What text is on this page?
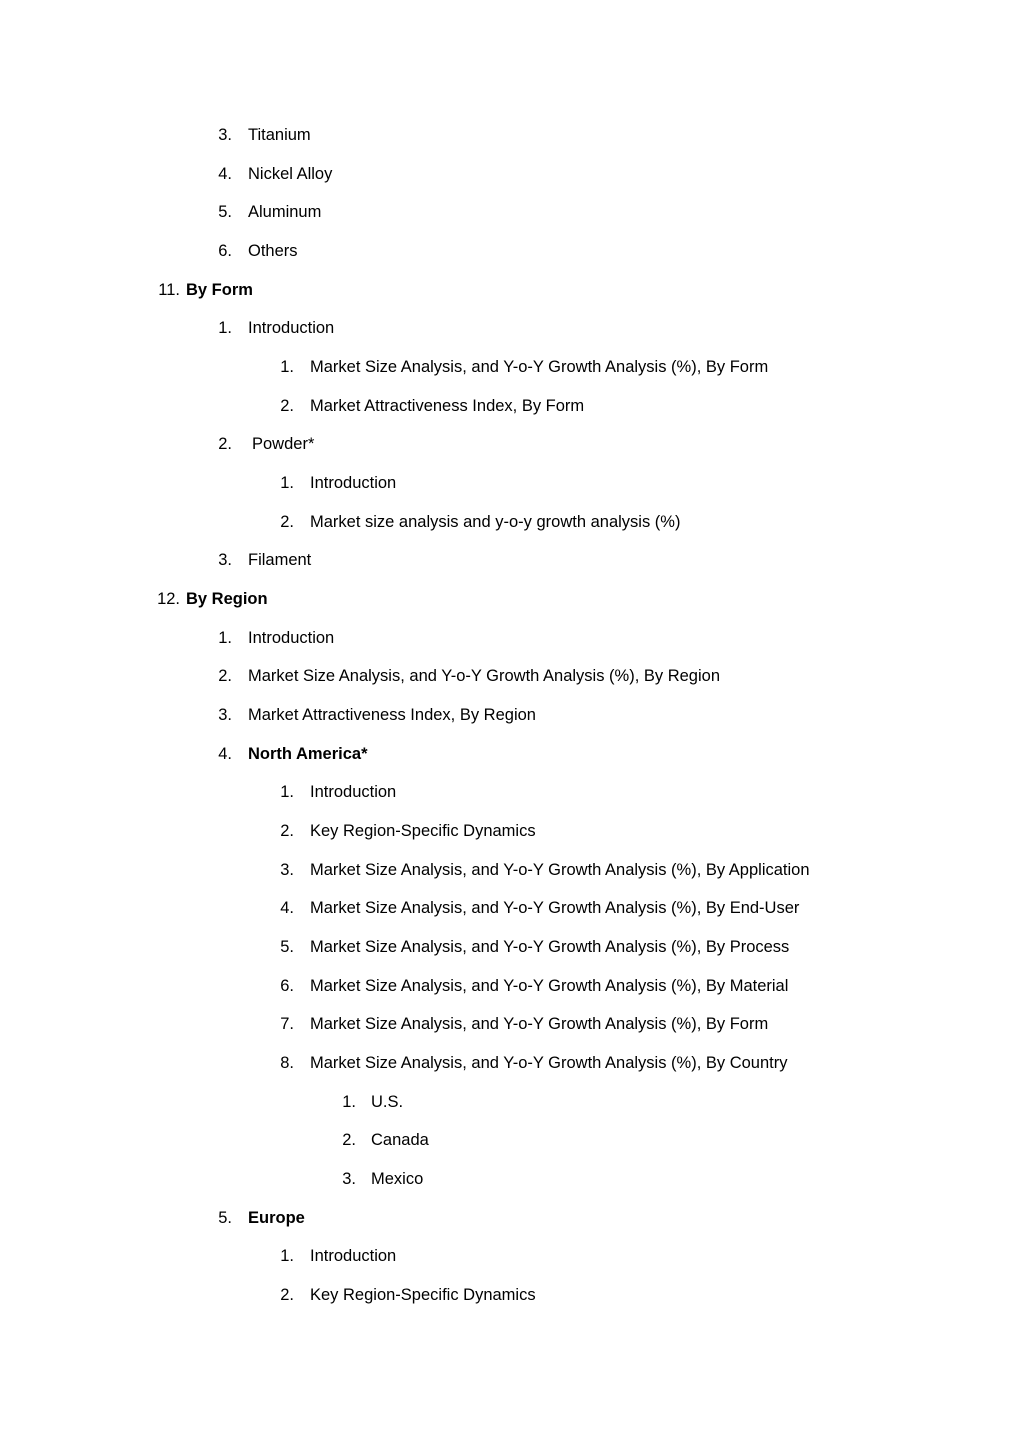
3. Titanium
4. Nickel Alloy
5. Aluminum
6. Others
11. By Form
1. Introduction
1. Market Size Analysis, and Y-o-Y Growth Analysis (%), By Form
2. Market Attractiveness Index, By Form
2. Powder*
1. Introduction
2. Market size analysis and y-o-y growth analysis (%)
3. Filament
12. By Region
1. Introduction
2. Market Size Analysis, and Y-o-Y Growth Analysis (%), By Region
3. Market Attractiveness Index, By Region
4. North America*
1. Introduction
2. Key Region-Specific Dynamics
3. Market Size Analysis, and Y-o-Y Growth Analysis (%), By Application
4. Market Size Analysis, and Y-o-Y Growth Analysis (%), By End-User
5. Market Size Analysis, and Y-o-Y Growth Analysis (%), By Process
6. Market Size Analysis, and Y-o-Y Growth Analysis (%), By Material
7. Market Size Analysis, and Y-o-Y Growth Analysis (%), By Form
8. Market Size Analysis, and Y-o-Y Growth Analysis (%), By Country
1. U.S.
2. Canada
3. Mexico
5. Europe
1. Introduction
2. Key Region-Specific Dynamics
